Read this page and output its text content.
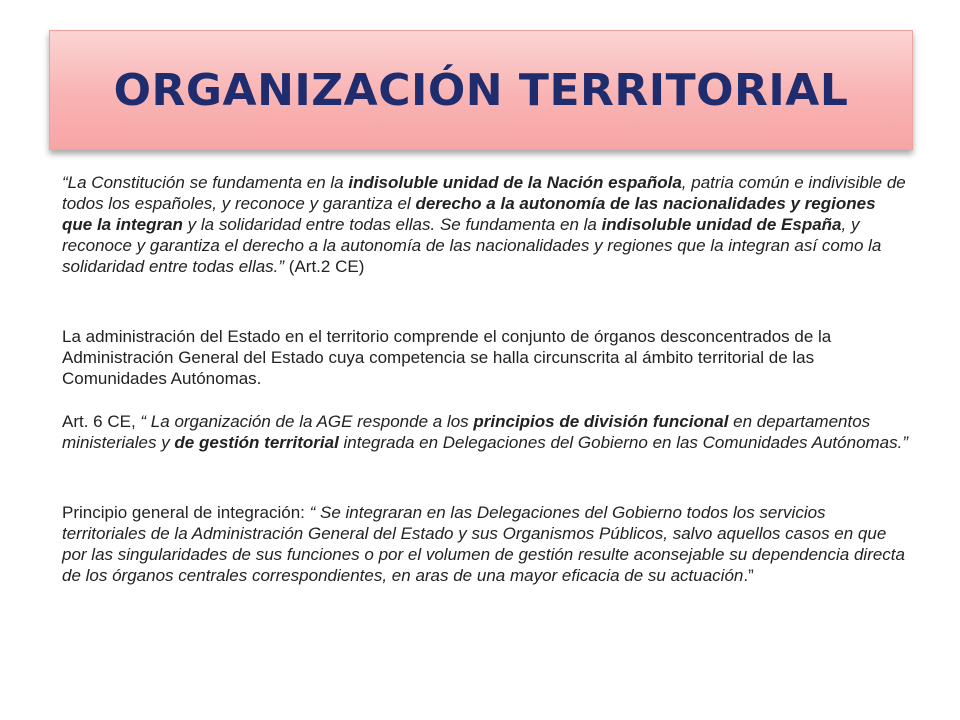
ORGANIZACIÓN TERRITORIAL

“La Constitución se fundamenta en la indisoluble unidad de la Nación española, patria común e indivisible de todos los españoles, y reconoce y garantiza el derecho a la autonomía de las nacionalidades y regiones que la integran y la solidaridad entre todas ellas. Se fundamenta en la indisoluble unidad de España, y reconoce y garantiza el derecho a la autonomía de las nacionalidades y regiones que la integran así como la solidaridad entre todas ellas.” (Art.2 CE)

La administración del Estado en el territorio comprende el conjunto de órganos desconcentrados de la Administración General del Estado cuya competencia se halla circunscrita al ámbito territorial de las Comunidades Autónomas.

Art. 6 CE, “ La organización de la AGE responde a los principios de división funcional en departamentos ministeriales y de gestión territorial integrada en Delegaciones del Gobierno en las Comunidades Autónomas.”

Principio general de integración: “ Se integraran en las Delegaciones del Gobierno todos los servicios territoriales de la Administración General del Estado y sus Organismos Públicos, salvo aquellos casos en que por las singularidades de sus funciones o por el volumen de gestión resulte aconsejable su dependencia directa de los órganos centrales correspondientes, en aras de una mayor eficacia de su actuación.”
